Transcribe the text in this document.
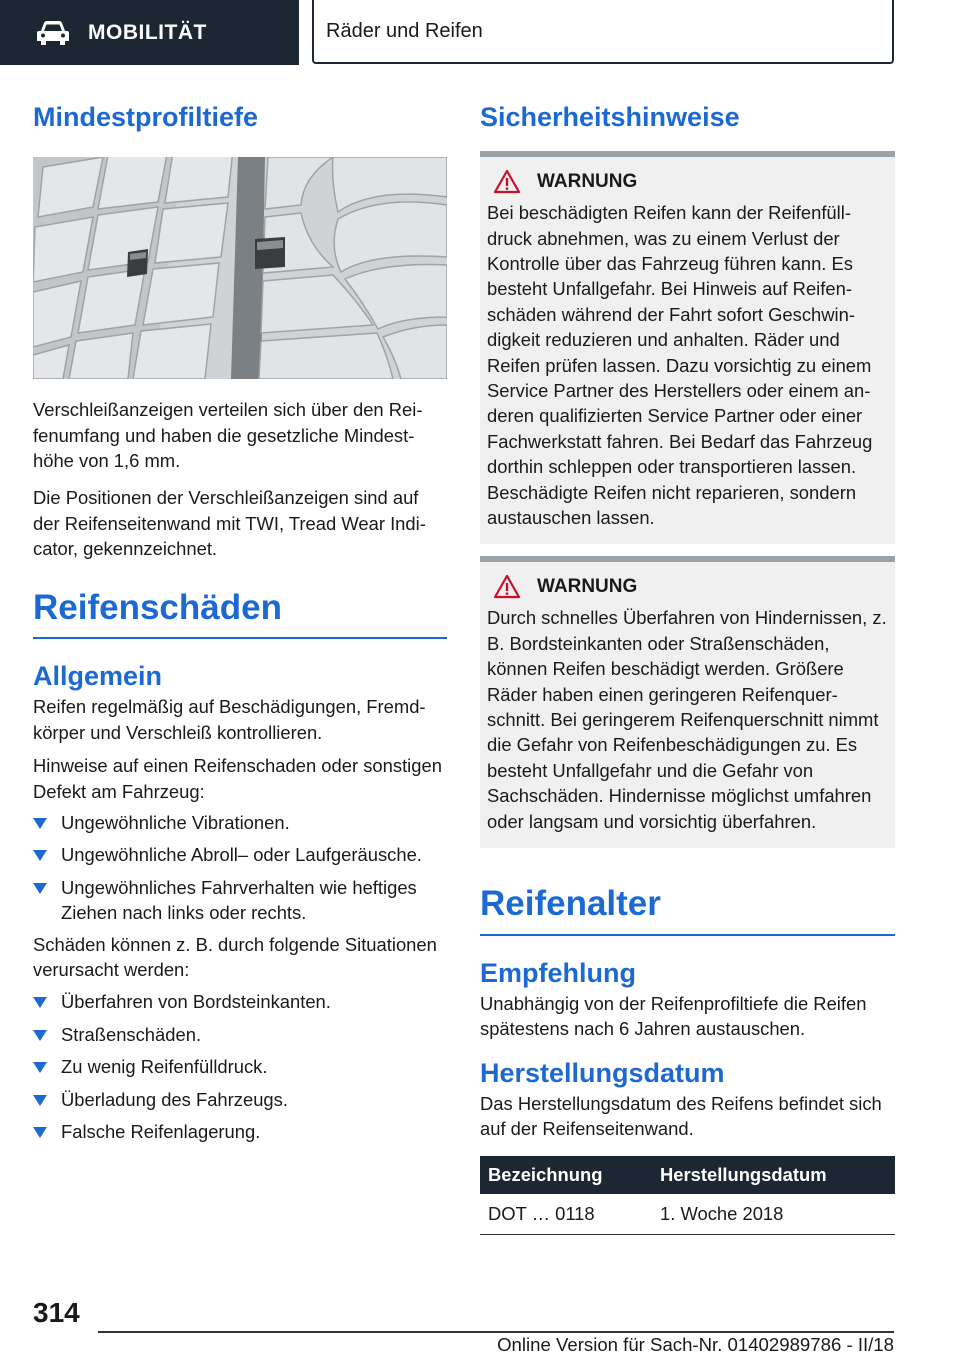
MOBILITÄT	Räder und Reifen
Mindestprofiltiefe

Verschleißanzeigen verteilen sich über den Reifenumfang und haben die gesetzliche Mindesthöhe von 1,6 mm.

Die Positionen der Verschleißanzeigen sind auf der Reifenseitenwand mit TWI, Tread Wear Indicator, gekennzeichnet.

Reifenschäden
Allgemein

Reifen regelmäßig auf Beschädigungen, Fremdkörper und Verschleiß kontrollieren.

Hinweise auf einen Reifenschaden oder sonstigen Defekt am Fahrzeug:

Ungewöhnliche Vibrationen.
Ungewöhnliche Abroll– oder Laufgeräusche.
Ungewöhnliches Fahrverhalten wie heftiges Ziehen nach links oder rechts.

Schäden können z. B. durch folgende Situationen verursacht werden:

Überfahren von Bordsteinkanten.
Straßenschäden.
Zu wenig Reifenfülldruck.
Überladung des Fahrzeugs.
Falsche Reifenlagerung.
Sicherheitshinweise
WARNUNG

Bei beschädigten Reifen kann der Reifenfülldruck abnehmen, was zu einem Verlust der Kontrolle über das Fahrzeug führen kann. Es besteht Unfallgefahr. Bei Hinweis auf Reifenschäden während der Fahrt sofort Geschwindigkeit reduzieren und anhalten. Räder und Reifen prüfen lassen. Dazu vorsichtig zu einem Service Partner des Herstellers oder einem anderen qualifizierten Service Partner oder einer Fachwerkstatt fahren. Bei Bedarf das Fahrzeug dorthin schleppen oder transportieren lassen. Beschädigte Reifen nicht reparieren, sondern austauschen lassen.

WARNUNG

Durch schnelles Überfahren von Hindernissen, z. B. Bordsteinkanten oder Straßenschäden, können Reifen beschädigt werden. Größere Räder haben einen geringeren Reifenquerschnitt. Bei geringerem Reifenquerschnitt nimmt die Gefahr von Reifenbeschädigungen zu. Es besteht Unfallgefahr und die Gefahr von Sachschäden. Hindernisse möglichst umfahren oder langsam und vorsichtig überfahren.

Reifenalter
Empfehlung

Unabhängig von der Reifenprofiltiefe die Reifen spätestens nach 6 Jahren austauschen.

Herstellungsdatum

Das Herstellungsdatum des Reifens befindet sich auf der Reifenseitenwand.

Bezeichnung	Herstellungsdatum
DOT … 0118	1. Woche 2018
314
Online Version für Sach-Nr. 01402989786 - II/18
